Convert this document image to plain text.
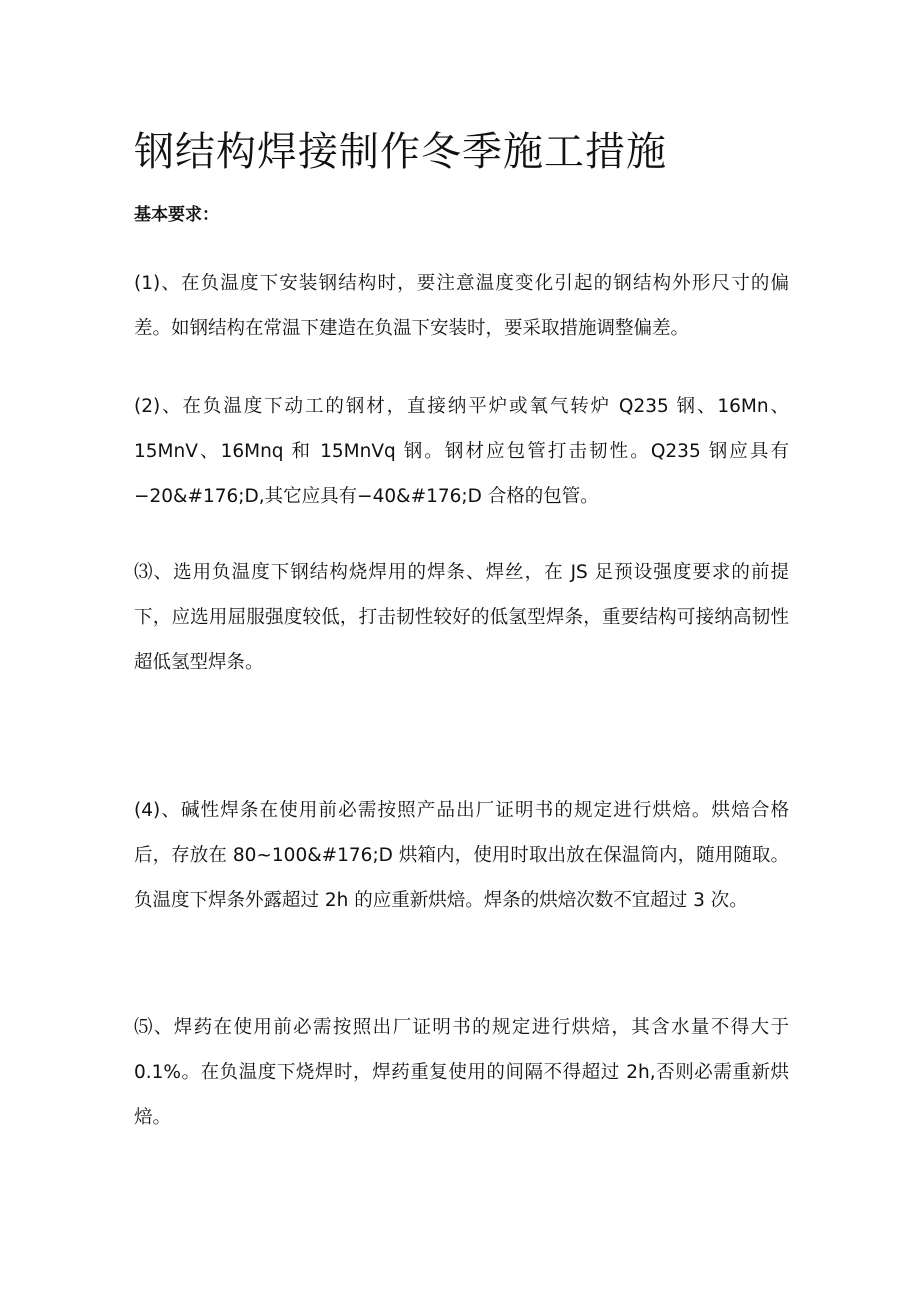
钢结构焊接制作冬季施工措施

基本要求：

(1)、在负温度下安装钢结构时，要注意温度变化引起的钢结构外形尺寸的偏差。如钢结构在常温下建造在负温下安装时，要采取措施调整偏差。

(2)、在负温度下动工的钢材，直接纳平炉或氧气转炉 Q235 钢、16Mn、15MnV、16Mnq 和 15MnVq 钢。钢材应包管打击韧性。Q235 钢应具有−20&#176;D,其它应具有−40&#176;D 合格的包管。

⑶、选用负温度下钢结构烧焊用的焊条、焊丝，在 JS 足预设强度要求的前提下，应选用屈服强度较低，打击韧性较好的低氢型焊条，重要结构可接纳高韧性超低氢型焊条。

(4)、碱性焊条在使用前必需按照产品出厂证明书的规定进行烘焙。烘焙合格后，存放在 80~100&#176;D 烘箱内，使用时取出放在保温筒内，随用随取。负温度下焊条外露超过 2h 的应重新烘焙。焊条的烘焙次数不宜超过 3 次。

⑸、焊药在使用前必需按照出厂证明书的规定进行烘焙，其含水量不得大于 0.1%。在负温度下烧焊时，焊药重复使用的间隔不得超过 2h,否则必需重新烘焙。
